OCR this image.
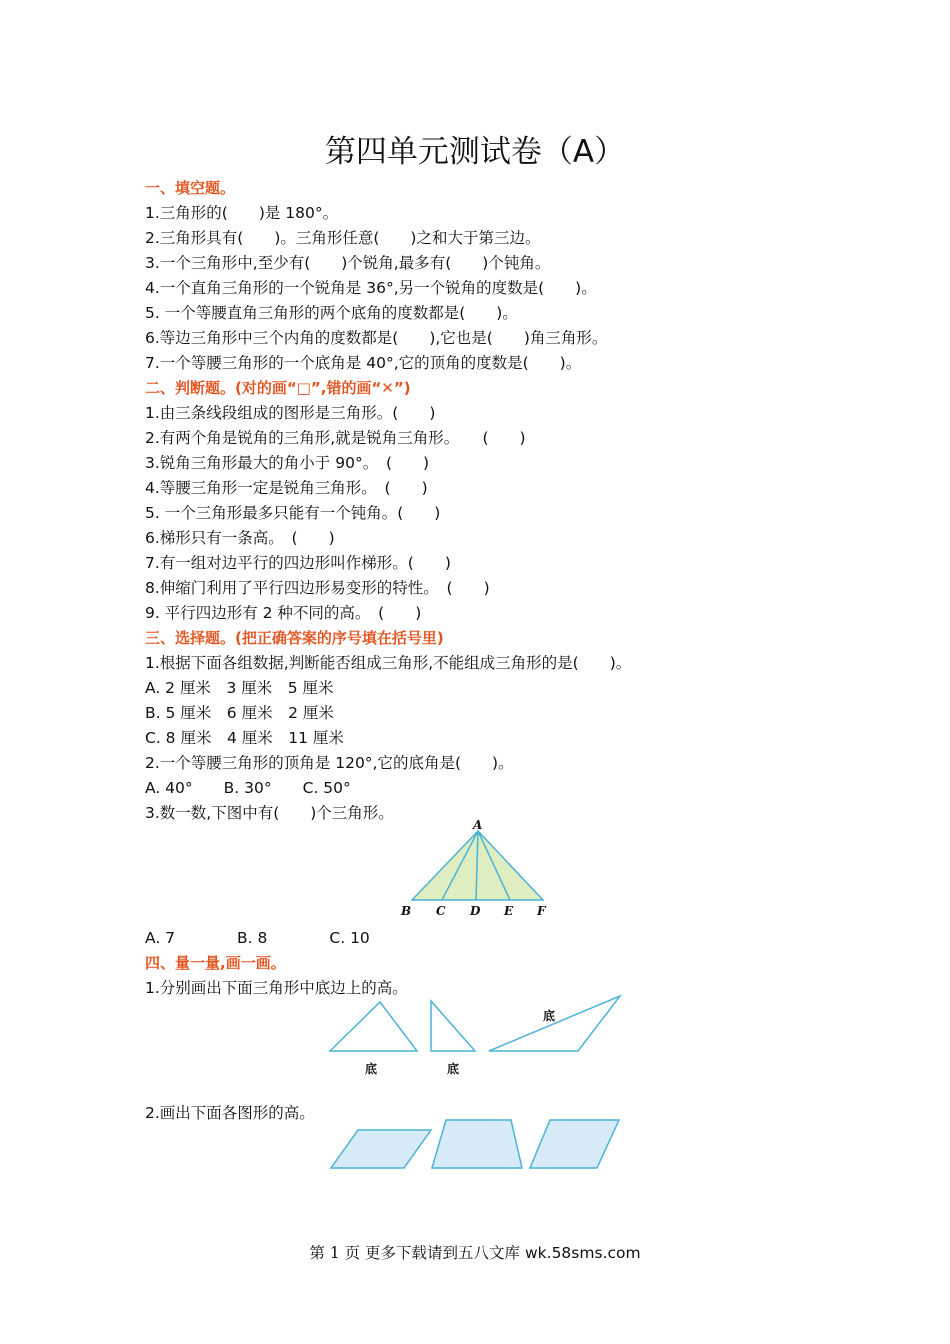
第四单元测试卷（A）
一、填空题。
1.三角形的(　　)是 180°。
2.三角形具有(　　)。三角形任意(　　)之和大于第三边。
3.一个三角形中,至少有(　　)个锐角,最多有(　　)个钝角。
4.一个直角三角形的一个锐角是 36°,另一个锐角的度数是(　　)。
5. 一个等腰直角三角形的两个底角的度数都是(　　)。
6.等边三角形中三个内角的度数都是(　　),它也是(　　)角三角形。
7.一个等腰三角形的一个底角是 40°,它的顶角的度数是(　　)。
二、判断题。(对的画“□”,错的画“✕”)
1.由三条线段组成的图形是三角形。(　　)
2.有两个角是锐角的三角形,就是锐角三角形。　　(　　)
3.锐角三角形最大的角小于 90°。　(　　)
4.等腰三角形一定是锐角三角形。　(　　)
5. 一个三角形最多只能有一个钝角。(　　)
6.梯形只有一条高。　(　　)
7.有一组对边平行的四边形叫作梯形。(　　)
8.伸缩门利用了平行四边形易变形的特性。　(　　)
9. 平行四边形有 2 种不同的高。　(　　)
三、选择题。(把正确答案的序号填在括号里)
1.根据下面各组数据,判断能否组成三角形,不能组成三角形的是(　　)。
A. 2 厘米　3 厘米　5 厘米
B. 5 厘米　6 厘米　2 厘米
C. 8 厘米　4 厘米　11 厘米
2.一个等腰三角形的顶角是 120°,它的底角是(　　)。
A. 40°　　B. 30°　　C. 50°
3.数一数,下图中有(　　)个三角形。
A. 7　　　　B. 8　　　　C. 10
四、量一量,画一画。
1.分别画出下面三角形中底边上的高。
2.画出下面各图形的高。
A
B C D E F
底	底
底
第 1 页 更多下载请到五八文库 wk.58sms.com
